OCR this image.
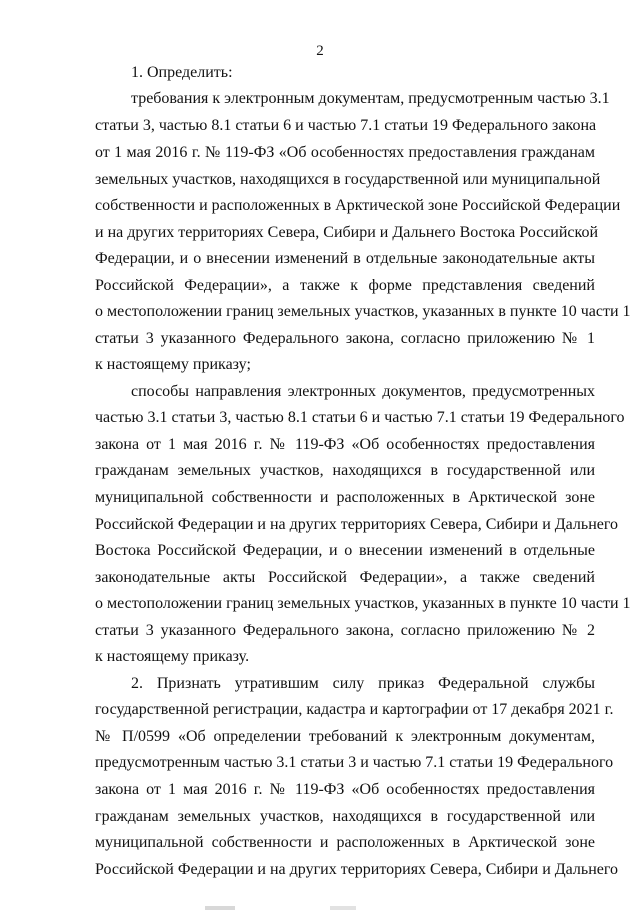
2
1. Определить:
требования к электронным документам, предусмотренным частью 3.1
статьи 3, частью 8.1 статьи 6 и частью 7.1 статьи 19 Федерального закона
от 1 мая 2016 г. № 119-ФЗ «Об особенностях предоставления гражданам
земельных участков, находящихся в государственной или муниципальной
собственности и расположенных в Арктической зоне Российской Федерации
и на других территориях Севера, Сибири и Дальнего Востока Российской
Федерации, и о внесении изменений в отдельные законодательные акты
Российской Федерации», а также к форме представления сведений
о местоположении границ земельных участков, указанных в пункте 10 части 1
статьи 3 указанного Федерального закона, согласно приложению № 1
к настоящему приказу;
способы направления электронных документов, предусмотренных
частью 3.1 статьи 3, частью 8.1 статьи 6 и частью 7.1 статьи 19 Федерального
закона от 1 мая 2016 г. № 119-ФЗ «Об особенностях предоставления
гражданам земельных участков, находящихся в государственной или
муниципальной собственности и расположенных в Арктической зоне
Российской Федерации и на других территориях Севера, Сибири и Дальнего
Востока Российской Федерации, и о внесении изменений в отдельные
законодательные акты Российской Федерации», а также сведений
о местоположении границ земельных участков, указанных в пункте 10 части 1
статьи 3 указанного Федерального закона, согласно приложению № 2
к настоящему приказу.
2. Признать утратившим силу приказ Федеральной службы
государственной регистрации, кадастра и картографии от 17 декабря 2021 г.
№ П/0599 «Об определении требований к электронным документам,
предусмотренным частью 3.1 статьи 3 и частью 7.1 статьи 19 Федерального
закона от 1 мая 2016 г. № 119-ФЗ «Об особенностях предоставления
гражданам земельных участков, находящихся в государственной или
муниципальной собственности и расположенных в Арктической зоне
Российской Федерации и на других территориях Севера, Сибири и Дальнего
